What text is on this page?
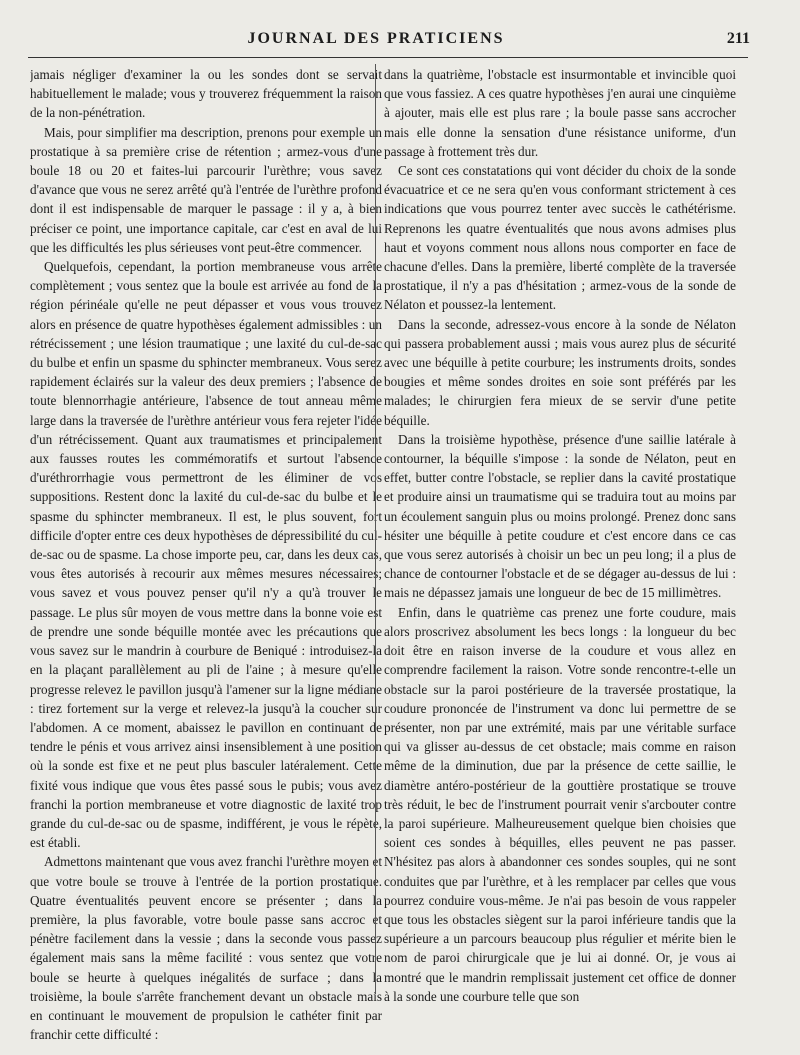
JOURNAL DES PRATICIENS	211

jamais négliger d'examiner la ou les sondes dont se servait habituellement le malade; vous y trouverez fréquemment la raison de la non-pénétration.

Mais, pour simplifier ma description, prenons pour exemple un prostatique à sa première crise de rétention ; armez-vous d'une boule 18 ou 20 et faites-lui parcourir l'urèthre; vous savez d'avance que vous ne serez arrêté qu'à l'entrée de l'urèthre profond dont il est indispensable de marquer le passage : il y a, à bien préciser ce point, une importance capitale, car c'est en aval de lui que les difficultés les plus sérieuses vont peut-être commencer.

Quelquefois, cependant, la portion membraneuse vous arrête complètement ; vous sentez que la boule est arrivée au fond de la région périnéale qu'elle ne peut dépasser et vous vous trouvez alors en présence de quatre hypothèses également admissibles : un rétrécissement ; une lésion traumatique ; une laxité du cul-de-sac du bulbe et enfin un spasme du sphincter membraneux. Vous serez rapidement éclairés sur la valeur des deux premiers ; l'absence de toute blennorrhagie antérieure, l'absence de tout anneau même large dans la traversée de l'urèthre antérieur vous fera rejeter l'idée d'un rétrécissement. Quant aux traumatismes et principalement aux fausses routes les commémoratifs et surtout l'absence d'uréthrorrhagie vous permettront de les éliminer de vos suppositions. Restent donc la laxité du cul-de-sac du bulbe et le spasme du sphincter membraneux. Il est, le plus souvent, fort difficile d'opter entre ces deux hypothèses de dépressibilité du cul-de-sac ou de spasme. La chose importe peu, car, dans les deux cas, vous êtes autorisés à recourir aux mêmes mesures nécessaires; vous savez et vous pouvez penser qu'il n'y a qu'à trouver le passage. Le plus sûr moyen de vous mettre dans la bonne voie est de prendre une sonde béquille montée avec les précautions que vous savez sur le mandrin à courbure de Beniqué : introduisez-la en la plaçant parallèlement au pli de l'aine ; à mesure qu'elle progresse relevez le pavillon jusqu'à l'amener sur la ligne médiane : tirez fortement sur la verge et relevez-la jusqu'à la coucher sur l'abdomen. A ce moment, abaissez le pavillon en continuant de tendre le pénis et vous arrivez ainsi insensiblement à une position où la sonde est fixe et ne peut plus basculer latéralement. Cette fixité vous indique que vous êtes passé sous le pubis; vous avez franchi la portion membraneuse et votre diagnostic de laxité trop grande du cul-de-sac ou de spasme, indifférent, je vous le répète, est établi.

Admettons maintenant que vous avez franchi l'urèthre moyen et que votre boule se trouve à l'entrée de la portion prostatique. Quatre éventualités peuvent encore se présenter ; dans la première, la plus favorable, votre boule passe sans accroc et pénètre facilement dans la vessie ; dans la seconde vous passez également mais sans la même facilité : vous sentez que votre boule se heurte à quelques inégalités de surface ; dans la troisième, la boule s'arrête franchement devant un obstacle mais en continuant le mouvement de propulsion le cathéter finit par franchir cette difficulté :

dans la quatrième, l'obstacle est insurmontable et invincible quoi que vous fassiez. A ces quatre hypothèses j'en aurai une cinquième à ajouter, mais elle est plus rare ; la boule passe sans accrocher mais elle donne la sensation d'une résistance uniforme, d'un passage à frottement très dur.

Ce sont ces constatations qui vont décider du choix de la sonde évacuatrice et ce ne sera qu'en vous conformant strictement à ces indications que vous pourrez tenter avec succès le cathétérisme. Reprenons les quatre éventualités que nous avons admises plus haut et voyons comment nous allons nous comporter en face de chacune d'elles. Dans la première, liberté complète de la traversée prostatique, il n'y a pas d'hésitation ; armez-vous de la sonde de Nélaton et poussez-la lentement.

Dans la seconde, adressez-vous encore à la sonde de Nélaton qui passera probablement aussi ; mais vous aurez plus de sécurité avec une béquille à petite courbure; les instruments droits, sondes bougies et même sondes droites en soie sont préférés par les malades; le chirurgien fera mieux de se servir d'une petite béquille.

Dans la troisième hypothèse, présence d'une saillie latérale à contourner, la béquille s'impose : la sonde de Nélaton, peut en effet, butter contre l'obstacle, se replier dans la cavité prostatique et produire ainsi un traumatisme qui se traduira tout au moins par un écoulement sanguin plus ou moins prolongé. Prenez donc sans hésiter une béquille à petite coudure et c'est encore dans ce cas que vous serez autorisés à choisir un bec un peu long; il a plus de chance de contourner l'obstacle et de se dégager au-dessus de lui : mais ne dépassez jamais une longueur de bec de 15 millimètres.

Enfin, dans le quatrième cas prenez une forte coudure, mais alors proscrivez absolument les becs longs : la longueur du bec doit être en raison inverse de la coudure et vous allez en comprendre facilement la raison. Votre sonde rencontre-t-elle un obstacle sur la paroi postérieure de la traversée prostatique, la coudure prononcée de l'instrument va donc lui permettre de se présenter, non par une extrémité, mais par une véritable surface qui va glisser au-dessus de cet obstacle; mais comme en raison même de la diminution, due par la présence de cette saillie, le diamètre antéro-postérieur de la gouttière prostatique se trouve très réduit, le bec de l'instrument pourrait venir s'arcbouter contre la paroi supérieure. Malheureusement quelque bien choisies que soient ces sondes à béquilles, elles peuvent ne pas passer. N'hésitez pas alors à abandonner ces sondes souples, qui ne sont conduites que par l'urèthre, et à les remplacer par celles que vous pourrez conduire vous-même. Je n'ai pas besoin de vous rappeler que tous les obstacles siègent sur la paroi inférieure tandis que la supérieure a un parcours beaucoup plus régulier et mérite bien le nom de paroi chirurgicale que je lui ai donné. Or, je vous ai montré que le mandrin remplissait justement cet office de donner à la sonde une courbure telle que son
